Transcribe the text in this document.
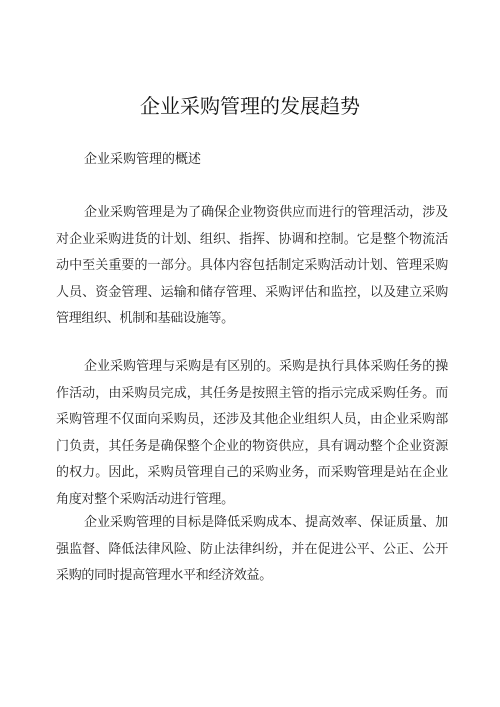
企业采购管理的发展趋势

企业采购管理的概述

企业采购管理是为了确保企业物资供应而进行的管理活动，涉及对企业采购进货的计划、组织、指挥、协调和控制。它是整个物流活动中至关重要的一部分。具体内容包括制定采购活动计划、管理采购人员、资金管理、运输和储存管理、采购评估和监控，以及建立采购管理组织、机制和基础设施等。

企业采购管理与采购是有区别的。采购是执行具体采购任务的操作活动，由采购员完成，其任务是按照主管的指示完成采购任务。而采购管理不仅面向采购员，还涉及其他企业组织人员，由企业采购部门负责，其任务是确保整个企业的物资供应，具有调动整个企业资源的权力。因此，采购员管理自己的采购业务，而采购管理是站在企业角度对整个采购活动进行管理。

企业采购管理的目标是降低采购成本、提高效率、保证质量、加强监督、降低法律风险、防止法律纠纷，并在促进公平、公正、公开采购的同时提高管理水平和经济效益。
